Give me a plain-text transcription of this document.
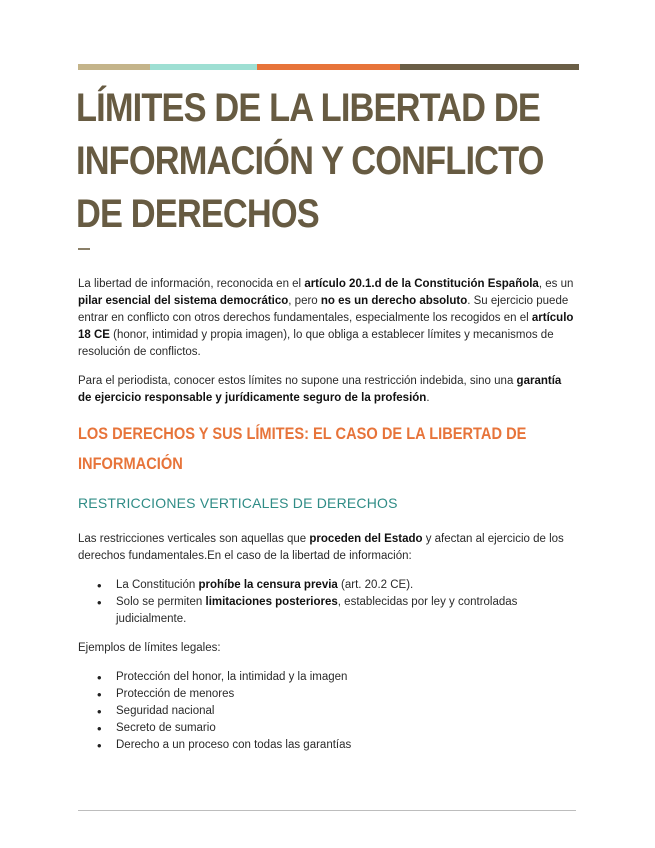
LÍMITES DE LA LIBERTAD DE
INFORMACIÓN Y CONFLICTO
DE DERECHOS

La libertad de información, reconocida en el artículo 20.1.d de la Constitución Española, es un pilar esencial del sistema democrático, pero no es un derecho absoluto. Su ejercicio puede entrar en conflicto con otros derechos fundamentales, especialmente los recogidos en el artículo 18 CE (honor, intimidad y propia imagen), lo que obliga a establecer límites y mecanismos de resolución de conflictos.

Para el periodista, conocer estos límites no supone una restricción indebida, sino una garantía de ejercicio responsable y jurídicamente seguro de la profesión.

LOS DERECHOS Y SUS LÍMITES: EL CASO DE LA LIBERTAD DE INFORMACIÓN
RESTRICCIONES VERTICALES DE DERECHOS

Las restricciones verticales son aquellas que proceden del Estado y afectan al ejercicio de los derechos fundamentales.En el caso de la libertad de información:

• La Constitución prohíbe la censura previa (art. 20.2 CE).
• Solo se permiten limitaciones posteriores, establecidas por ley y controladas judicialmente.

Ejemplos de límites legales:

• Protección del honor, la intimidad y la imagen
• Protección de menores
• Seguridad nacional
• Secreto de sumario
• Derecho a un proceso con todas las garantías
